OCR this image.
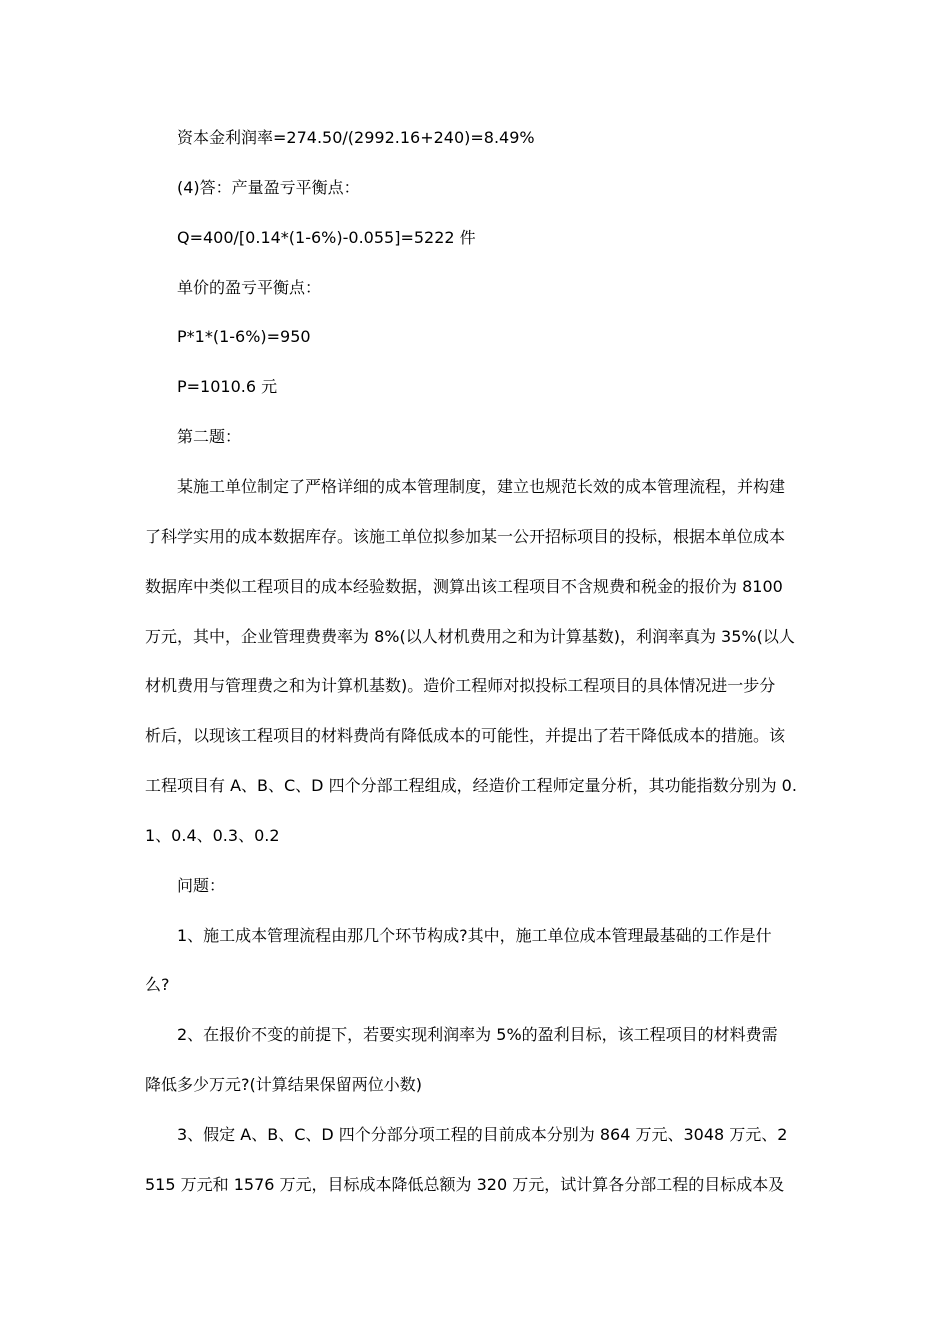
资本金利润率=274.50/(2992.16+240)=8.49%
(4)答：产量盈亏平衡点：
Q=400/[0.14*(1-6%)-0.055]=5222 件
单价的盈亏平衡点：
P*1*(1-6%)=950
P=1010.6 元
第二题：
某施工单位制定了严格详细的成本管理制度，建立也规范长效的成本管理流程，并构建
了科学实用的成本数据库存。该施工单位拟参加某一公开招标项目的投标，根据本单位成本
数据库中类似工程项目的成本经验数据，测算出该工程项目不含规费和税金的报价为 8100
万元，其中，企业管理费费率为 8%(以人材机费用之和为计算基数)，利润率真为 35%(以人
材机费用与管理费之和为计算机基数)。造价工程师对拟投标工程项目的具体情况进一步分
析后，以现该工程项目的材料费尚有降低成本的可能性，并提出了若干降低成本的措施。该
工程项目有 A、B、C、D 四个分部工程组成，经造价工程师定量分析，其功能指数分别为 0.
1、0.4、0.3、0.2
问题：
1、施工成本管理流程由那几个环节构成?其中，施工单位成本管理最基础的工作是什
么?
2、在报价不变的前提下，若要实现利润率为 5%的盈利目标，该工程项目的材料费需
降低多少万元?(计算结果保留两位小数)
3、假定 A、B、C、D 四个分部分项工程的目前成本分别为 864 万元、3048 万元、2
515 万元和 1576 万元，目标成本降低总额为 320 万元，试计算各分部工程的目标成本及
